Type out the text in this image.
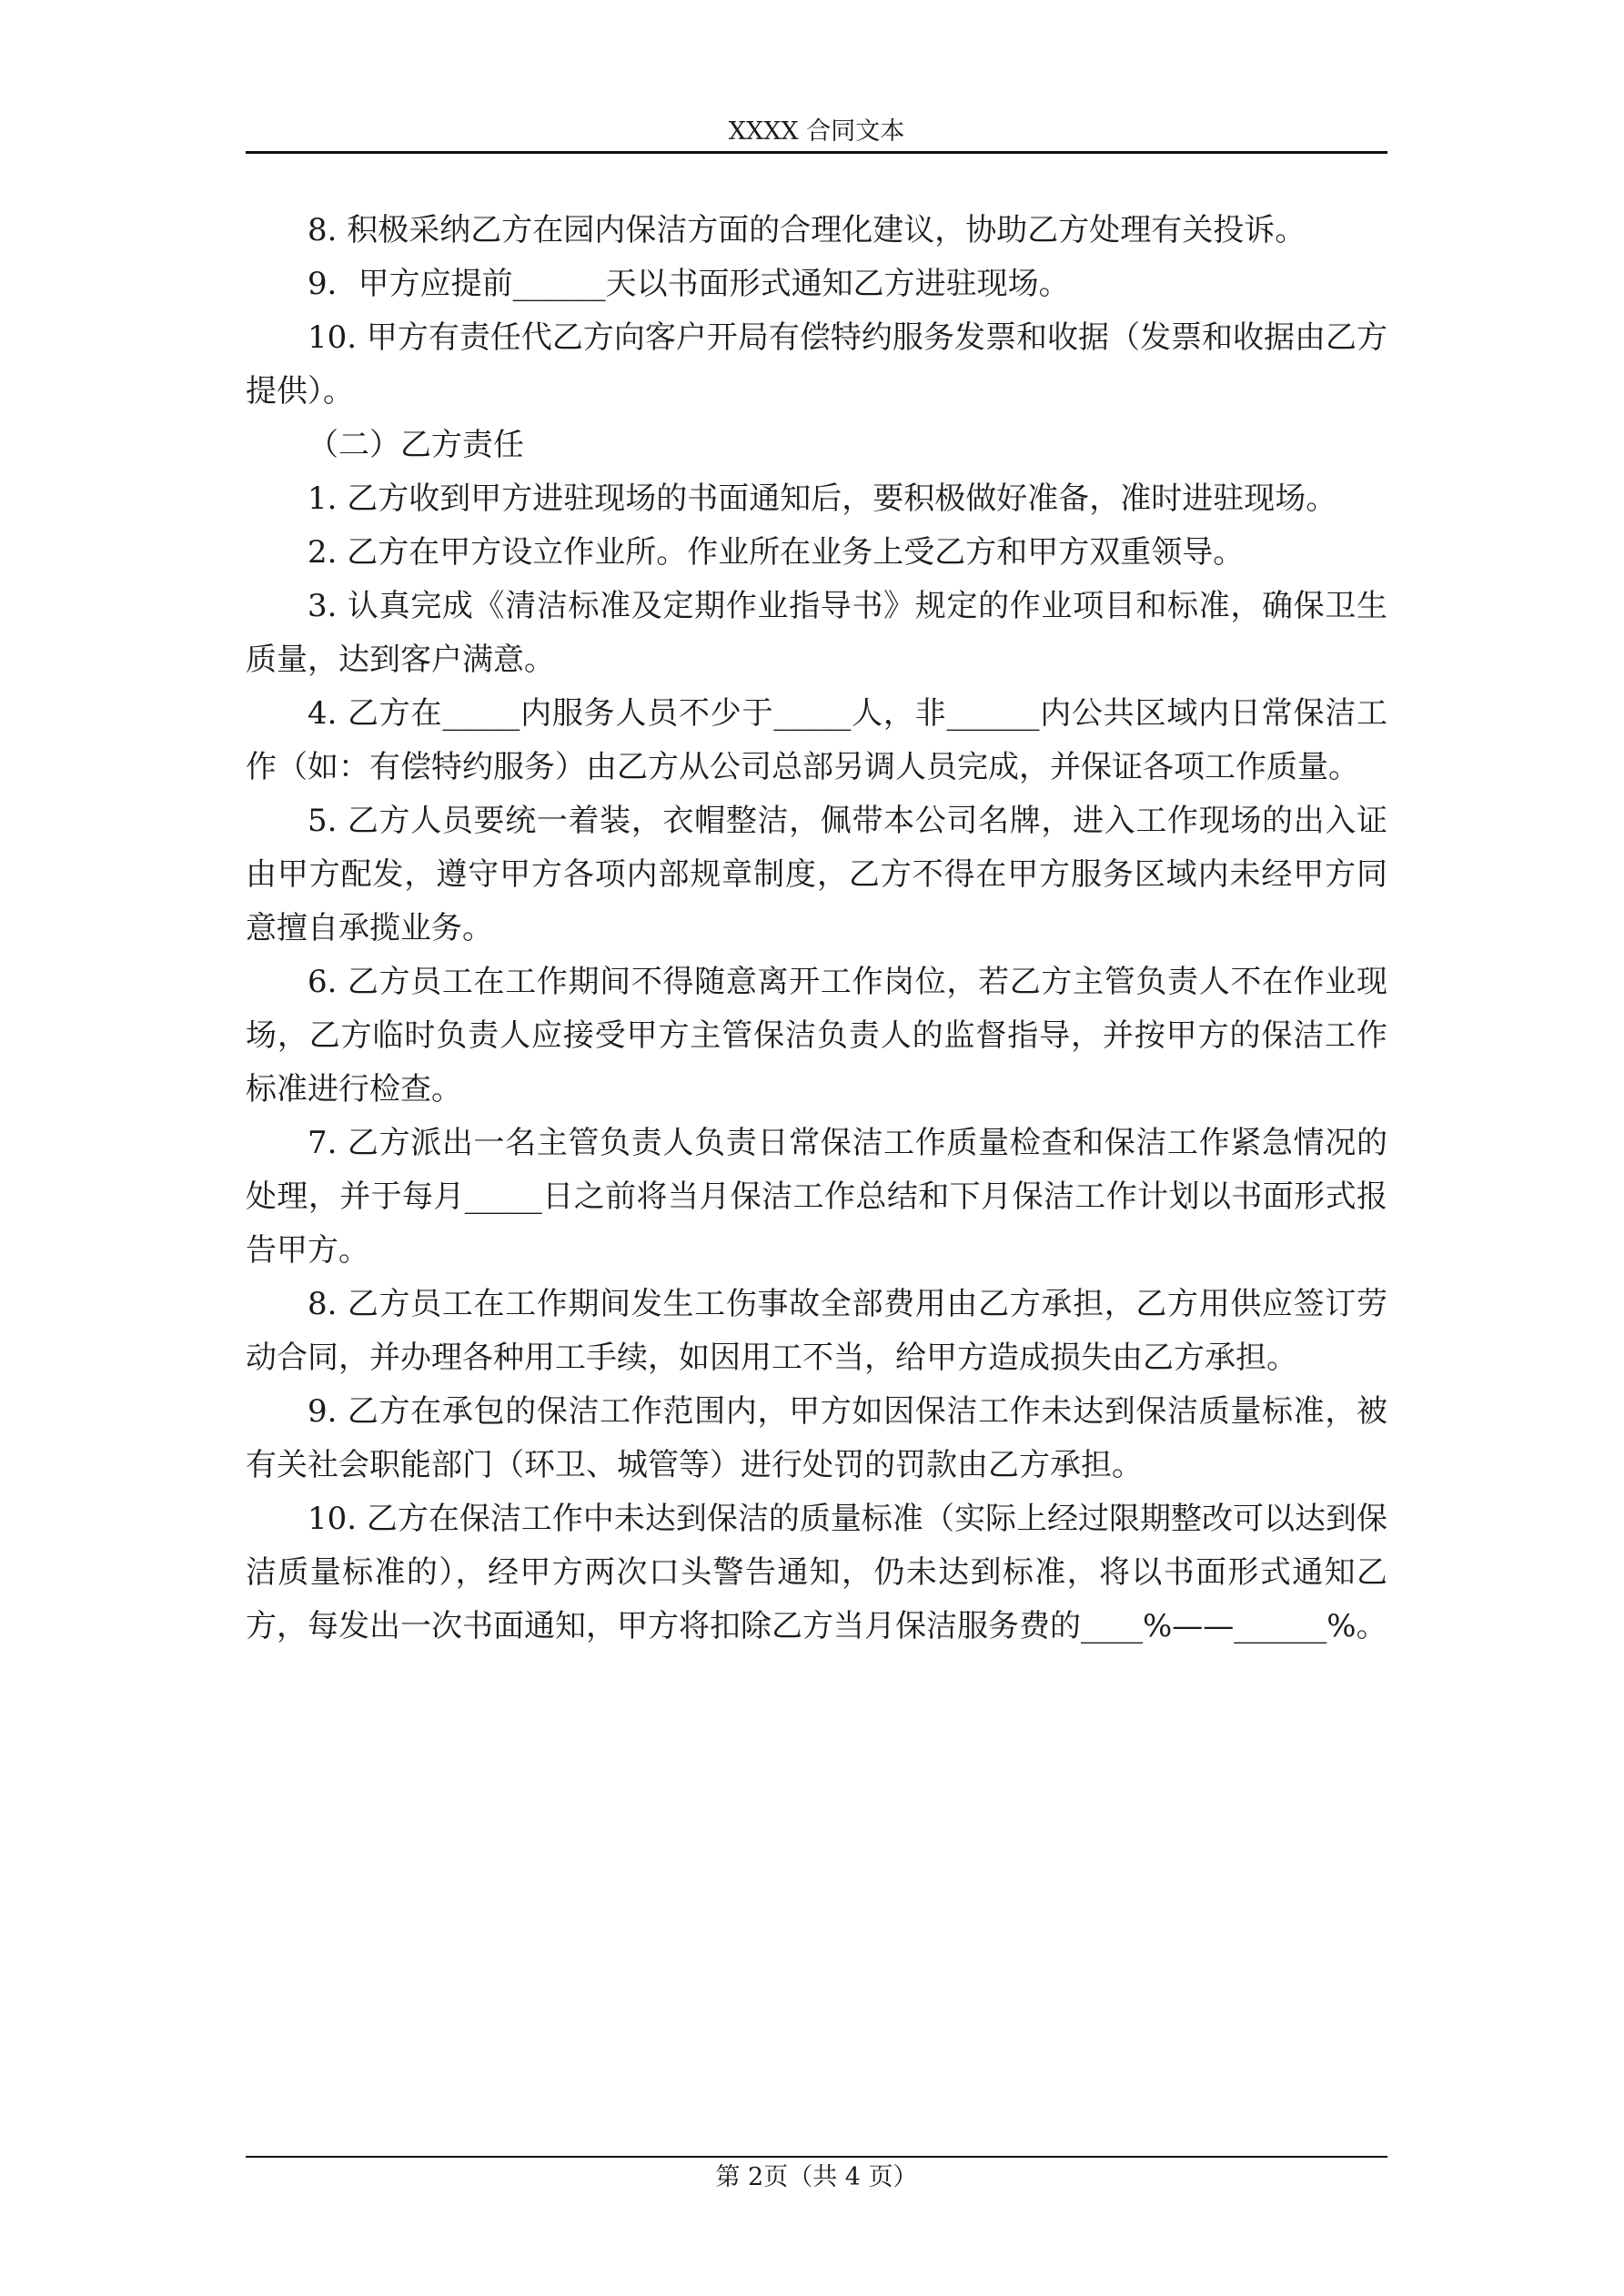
XXXX 合同文本

8. 积极采纳乙方在园内保洁方面的合理化建议，协助乙方处理有关投诉。

9．甲方应提前______天以书面形式通知乙方进驻现场。

10. 甲方有责任代乙方向客户开局有偿特约服务发票和收据（发票和收据由乙方提供）。

（二）乙方责任

1. 乙方收到甲方进驻现场的书面通知后，要积极做好准备，准时进驻现场。

2. 乙方在甲方设立作业所。作业所在业务上受乙方和甲方双重领导。

3. 认真完成《清洁标准及定期作业指导书》规定的作业项目和标准，确保卫生质量，达到客户满意。

4. 乙方在_____内服务人员不少于_____人，非______内公共区域内日常保洁工作（如：有偿特约服务）由乙方从公司总部另调人员完成，并保证各项工作质量。

5. 乙方人员要统一着装，衣帽整洁，佩带本公司名牌，进入工作现场的出入证由甲方配发，遵守甲方各项内部规章制度，乙方不得在甲方服务区域内未经甲方同意擅自承揽业务。

6. 乙方员工在工作期间不得随意离开工作岗位，若乙方主管负责人不在作业现场，乙方临时负责人应接受甲方主管保洁负责人的监督指导，并按甲方的保洁工作标准进行检查。

7. 乙方派出一名主管负责人负责日常保洁工作质量检查和保洁工作紧急情况的处理，并于每月_____日之前将当月保洁工作总结和下月保洁工作计划以书面形式报告甲方。

8. 乙方员工在工作期间发生工伤事故全部费用由乙方承担，乙方用供应签订劳动合同，并办理各种用工手续，如因用工不当，给甲方造成损失由乙方承担。

9. 乙方在承包的保洁工作范围内，甲方如因保洁工作未达到保洁质量标准，被有关社会职能部门（环卫、城管等）进行处罚的罚款由乙方承担。

10. 乙方在保洁工作中未达到保洁的质量标准（实际上经过限期整改可以达到保洁质量标准的），经甲方两次口头警告通知，仍未达到标准，将以书面形式通知乙方，每发出一次书面通知，甲方将扣除乙方当月保洁服务费的____%——______%。

第 2页（共 4 页）
